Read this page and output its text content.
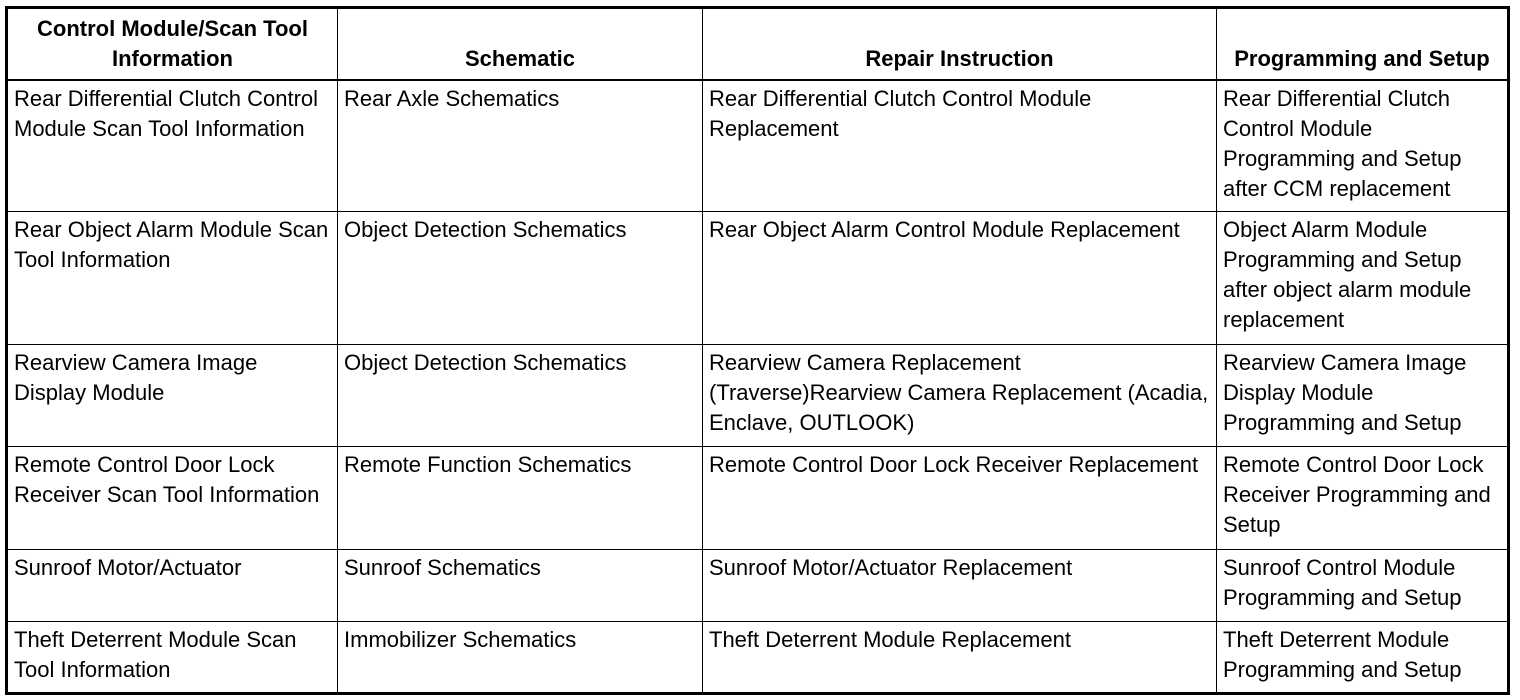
Control Module/Scan Tool Information	Schematic	Repair Instruction	Programming and Setup
Rear Differential Clutch Control Module Scan Tool Information	Rear Axle Schematics	Rear Differential Clutch Control Module Replacement	Rear Differential Clutch Control Module Programming and Setup after CCM replacement
Rear Object Alarm Module Scan Tool Information	Object Detection Schematics	Rear Object Alarm Control Module Replacement	Object Alarm Module Programming and Setup after object alarm module replacement
Rearview Camera Image Display Module	Object Detection Schematics	Rearview Camera Replacement (Traverse)Rearview Camera Replacement (Acadia, Enclave, OUTLOOK)	Rearview Camera Image Display Module Programming and Setup
Remote Control Door Lock Receiver Scan Tool Information	Remote Function Schematics	Remote Control Door Lock Receiver Replacement	Remote Control Door Lock Receiver Programming and Setup
Sunroof Motor/Actuator	Sunroof Schematics	Sunroof Motor/Actuator Replacement	Sunroof Control Module Programming and Setup
Theft Deterrent Module Scan Tool Information	Immobilizer Schematics	Theft Deterrent Module Replacement	Theft Deterrent Module Programming and Setup
